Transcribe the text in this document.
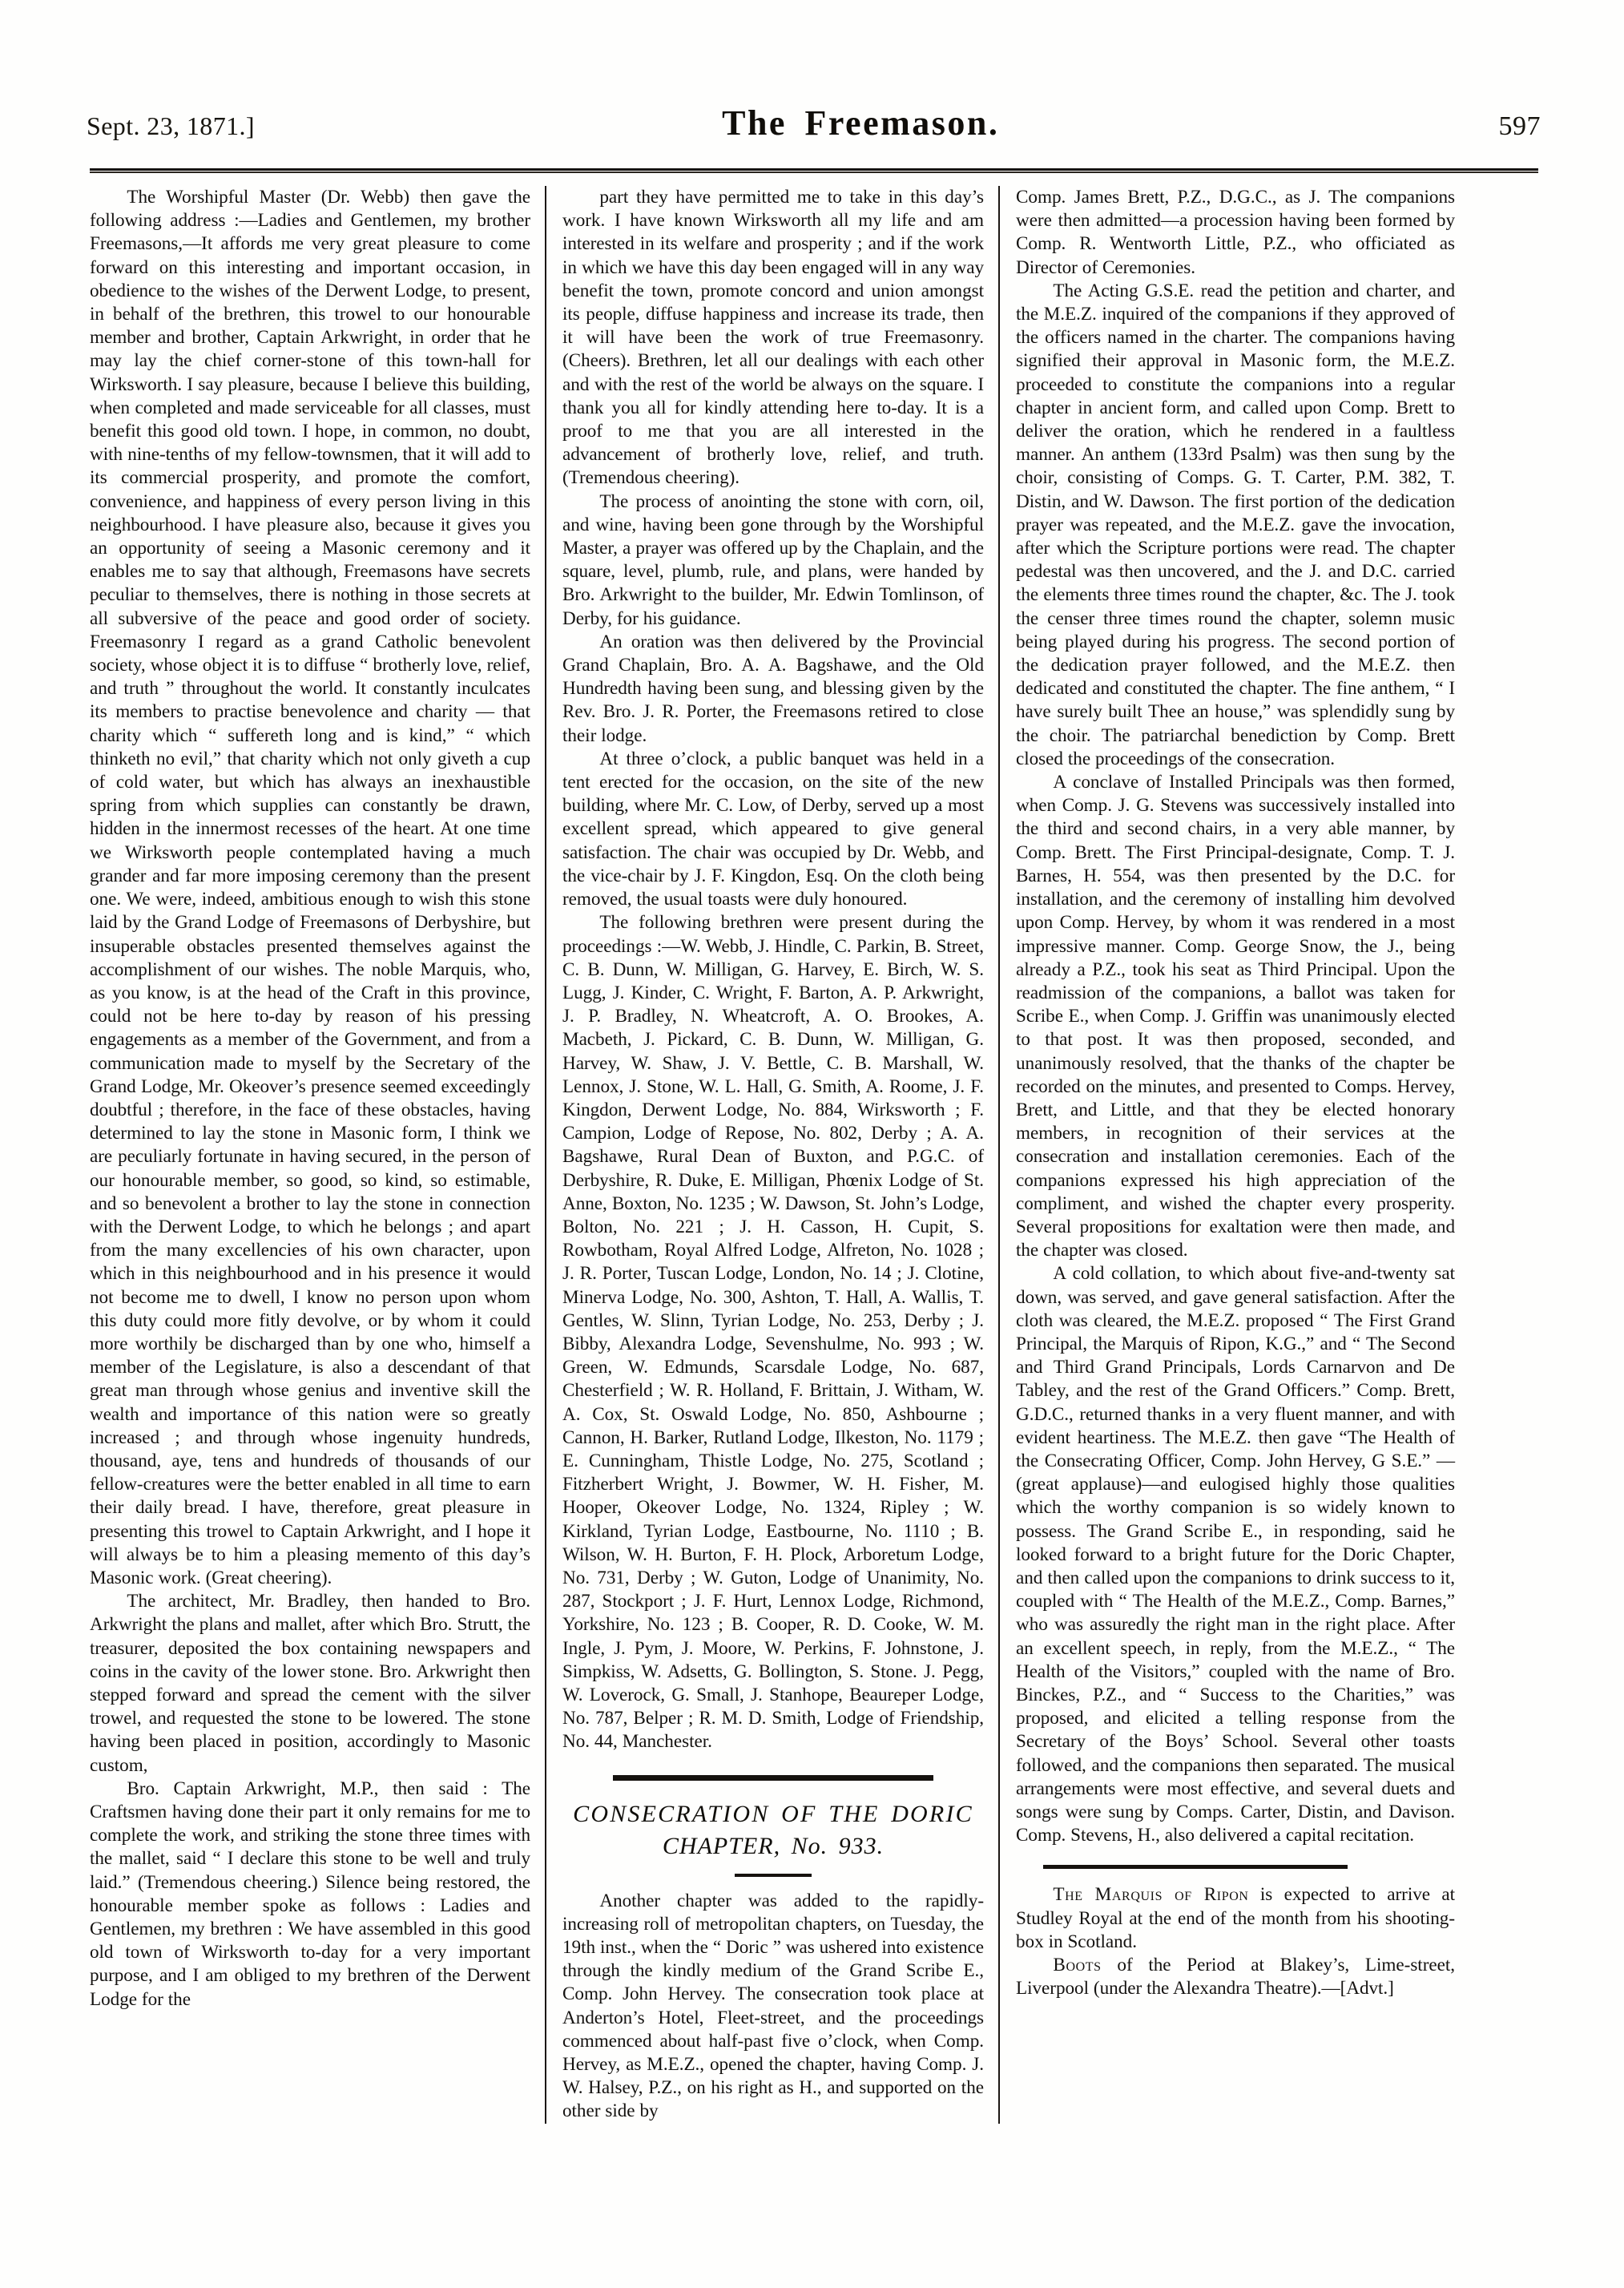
Sept. 23, 1871.]	The Freemason.	597

The Worshipful Master (Dr. Webb) then gave the following address :—Ladies and Gentlemen, my brother Freemasons,—It affords me very great pleasure to come forward on this interesting and important occasion, in obedience to the wishes of the Derwent Lodge, to present, in behalf of the brethren, this trowel to our honourable member and brother, Captain Arkwright, in order that he may lay the chief corner-stone of this town-hall for Wirksworth. I say pleasure, because I believe this building, when completed and made serviceable for all classes, must benefit this good old town. I hope, in common, no doubt, with nine-tenths of my fellow-townsmen, that it will add to its commercial prosperity, and promote the comfort, convenience, and happiness of every person living in this neighbourhood. I have pleasure also, because it gives you an opportunity of seeing a Masonic ceremony and it enables me to say that although, Freemasons have secrets peculiar to themselves, there is nothing in those secrets at all subversive of the peace and good order of society. Freemasonry I regard as a grand Catholic benevolent society, whose object it is to diffuse “ brotherly love, relief, and truth ” throughout the world. It constantly inculcates its members to practise benevolence and charity — that charity which “ suffereth long and is kind,” “ which thinketh no evil,” that charity which not only giveth a cup of cold water, but which has always an inexhaustible spring from which supplies can constantly be drawn, hidden in the innermost recesses of the heart. At one time we Wirksworth people contemplated having a much grander and far more imposing ceremony than the present one. We were, indeed, ambitious enough to wish this stone laid by the Grand Lodge of Freemasons of Derbyshire, but insuperable obstacles presented themselves against the accomplishment of our wishes. The noble Marquis, who, as you know, is at the head of the Craft in this province, could not be here to-day by reason of his pressing engagements as a member of the Government, and from a communication made to myself by the Secretary of the Grand Lodge, Mr. Okeover’s presence seemed exceedingly doubtful ; therefore, in the face of these obstacles, having determined to lay the stone in Masonic form, I think we are peculiarly fortunate in having secured, in the person of our honourable member, so good, so kind, so estimable, and so benevolent a brother to lay the stone in connection with the Derwent Lodge, to which he belongs ; and apart from the many excellencies of his own character, upon which in this neighbourhood and in his presence it would not become me to dwell, I know no person upon whom this duty could more fitly devolve, or by whom it could more worthily be discharged than by one who, himself a member of the Legislature, is also a descendant of that great man through whose genius and inventive skill the wealth and importance of this nation were so greatly increased ; and through whose ingenuity hundreds, thousand, aye, tens and hundreds of thousands of our fellow-creatures were the better enabled in all time to earn their daily bread. I have, therefore, great pleasure in presenting this trowel to Captain Arkwright, and I hope it will always be to him a pleasing memento of this day’s Masonic work. (Great cheering).

The architect, Mr. Bradley, then handed to Bro. Arkwright the plans and mallet, after which Bro. Strutt, the treasurer, deposited the box containing newspapers and coins in the cavity of the lower stone. Bro. Arkwright then stepped forward and spread the cement with the silver trowel, and requested the stone to be lowered. The stone having been placed in position, accordingly to Masonic custom,

Bro. Captain Arkwright, M.P., then said : The Craftsmen having done their part it only remains for me to complete the work, and striking the stone three times with the mallet, said “ I declare this stone to be well and truly laid.” (Tremendous cheering.) Silence being restored, the honourable member spoke as follows : Ladies and Gentlemen, my brethren : We have assembled in this good old town of Wirksworth to-day for a very important purpose, and I am obliged to my brethren of the Derwent Lodge for the

part they have permitted me to take in this day’s work. I have known Wirksworth all my life and am interested in its welfare and prosperity ; and if the work in which we have this day been engaged will in any way benefit the town, promote concord and union amongst its people, diffuse happiness and increase its trade, then it will have been the work of true Freemasonry. (Cheers). Brethren, let all our dealings with each other and with the rest of the world be always on the square. I thank you all for kindly attending here to-day. It is a proof to me that you are all interested in the advancement of brotherly love, relief, and truth. (Tremendous cheering).

The process of anointing the stone with corn, oil, and wine, having been gone through by the Worshipful Master, a prayer was offered up by the Chaplain, and the square, level, plumb, rule, and plans, were handed by Bro. Arkwright to the builder, Mr. Edwin Tomlinson, of Derby, for his guidance.

An oration was then delivered by the Provincial Grand Chaplain, Bro. A. A. Bagshawe, and the Old Hundredth having been sung, and blessing given by the Rev. Bro. J. R. Porter, the Freemasons retired to close their lodge.

At three o’clock, a public banquet was held in a tent erected for the occasion, on the site of the new building, where Mr. C. Low, of Derby, served up a most excellent spread, which appeared to give general satisfaction. The chair was occupied by Dr. Webb, and the vice-chair by J. F. Kingdon, Esq. On the cloth being removed, the usual toasts were duly honoured.

The following brethren were present during the proceedings :—W. Webb, J. Hindle, C. Parkin, B. Street, C. B. Dunn, W. Milligan, G. Harvey, E. Birch, W. S. Lugg, J. Kinder, C. Wright, F. Barton, A. P. Arkwright, J. P. Bradley, N. Wheatcroft, A. O. Brookes, A. Macbeth, J. Pickard, C. B. Dunn, W. Milligan, G. Harvey, W. Shaw, J. V. Bettle, C. B. Marshall, W. Lennox, J. Stone, W. L. Hall, G. Smith, A. Roome, J. F. Kingdon, Derwent Lodge, No. 884, Wirksworth ; F. Campion, Lodge of Repose, No. 802, Derby ; A. A. Bagshawe, Rural Dean of Buxton, and P.G.C. of Derbyshire, R. Duke, E. Milligan, Phœnix Lodge of St. Anne, Boxton, No. 1235 ; W. Dawson, St. John’s Lodge, Bolton, No. 221 ; J. H. Casson, H. Cupit, S. Rowbotham, Royal Alfred Lodge, Alfreton, No. 1028 ; J. R. Porter, Tuscan Lodge, London, No. 14 ; J. Clotine, Minerva Lodge, No. 300, Ashton, T. Hall, A. Wallis, T. Gentles, W. Slinn, Tyrian Lodge, No. 253, Derby ; J. Bibby, Alexandra Lodge, Sevenshulme, No. 993 ; W. Green, W. Edmunds, Scarsdale Lodge, No. 687, Chesterfield ; W. R. Holland, F. Brittain, J. Witham, W. A. Cox, St. Oswald Lodge, No. 850, Ashbourne ; Cannon, H. Barker, Rutland Lodge, Ilkeston, No. 1179 ; E. Cunningham, Thistle Lodge, No. 275, Scotland ; Fitzherbert Wright, J. Bowmer, W. H. Fisher, M. Hooper, Okeover Lodge, No. 1324, Ripley ; W. Kirkland, Tyrian Lodge, Eastbourne, No. 1110 ; B. Wilson, W. H. Burton, F. H. Plock, Arboretum Lodge, No. 731, Derby ; W. Guton, Lodge of Unanimity, No. 287, Stockport ; J. F. Hurt, Lennox Lodge, Richmond, Yorkshire, No. 123 ; B. Cooper, R. D. Cooke, W. M. Ingle, J. Pym, J. Moore, W. Perkins, F. Johnstone, J. Simpkiss, W. Adsetts, G. Bollington, S. Stone. J. Pegg, W. Loverock, G. Small, J. Stanhope, Beaureper Lodge, No. 787, Belper ; R. M. D. Smith, Lodge of Friendship, No. 44, Manchester.

CONSECRATION OF THE DORIC
CHAPTER, No. 933.

Another chapter was added to the rapidly-increasing roll of metropolitan chapters, on Tuesday, the 19th inst., when the “ Doric ” was ushered into existence through the kindly medium of the Grand Scribe E., Comp. John Hervey. The consecration took place at Anderton’s Hotel, Fleet-street, and the proceedings commenced about half-past five o’clock, when Comp. Hervey, as M.E.Z., opened the chapter, having Comp. J. W. Halsey, P.Z., on his right as H., and supported on the other side by

Comp. James Brett, P.Z., D.G.C., as J. The companions were then admitted—a procession having been formed by Comp. R. Wentworth Little, P.Z., who officiated as Director of Ceremonies.

The Acting G.S.E. read the petition and charter, and the M.E.Z. inquired of the companions if they approved of the officers named in the charter. The companions having signified their approval in Masonic form, the M.E.Z. proceeded to constitute the companions into a regular chapter in ancient form, and called upon Comp. Brett to deliver the oration, which he rendered in a faultless manner. An anthem (133rd Psalm) was then sung by the choir, consisting of Comps. G. T. Carter, P.M. 382, T. Distin, and W. Dawson. The first portion of the dedication prayer was repeated, and the M.E.Z. gave the invocation, after which the Scripture portions were read. The chapter pedestal was then uncovered, and the J. and D.C. carried the elements three times round the chapter, &c. The J. took the censer three times round the chapter, solemn music being played during his progress. The second portion of the dedication prayer followed, and the M.E.Z. then dedicated and constituted the chapter. The fine anthem, “ I have surely built Thee an house,” was splendidly sung by the choir. The patriarchal benediction by Comp. Brett closed the proceedings of the consecration.

A conclave of Installed Principals was then formed, when Comp. J. G. Stevens was successively installed into the third and second chairs, in a very able manner, by Comp. Brett. The First Principal-designate, Comp. T. J. Barnes, H. 554, was then presented by the D.C. for installation, and the ceremony of installing him devolved upon Comp. Hervey, by whom it was rendered in a most impressive manner. Comp. George Snow, the J., being already a P.Z., took his seat as Third Principal. Upon the readmission of the companions, a ballot was taken for Scribe E., when Comp. J. Griffin was unanimously elected to that post. It was then proposed, seconded, and unanimously resolved, that the thanks of the chapter be recorded on the minutes, and presented to Comps. Hervey, Brett, and Little, and that they be elected honorary members, in recognition of their services at the consecration and installation ceremonies. Each of the companions expressed his high appreciation of the compliment, and wished the chapter every prosperity. Several propositions for exaltation were then made, and the chapter was closed.

A cold collation, to which about five-and-twenty sat down, was served, and gave general satisfaction. After the cloth was cleared, the M.E.Z. proposed “ The First Grand Principal, the Marquis of Ripon, K.G.,” and “ The Second and Third Grand Principals, Lords Carnarvon and De Tabley, and the rest of the Grand Officers.” Comp. Brett, G.D.C., returned thanks in a very fluent manner, and with evident heartiness. The M.E.Z. then gave “The Health of the Consecrating Officer, Comp. John Hervey, G S.E.” —(great applause)—and eulogised highly those qualities which the worthy companion is so widely known to possess. The Grand Scribe E., in responding, said he looked forward to a bright future for the Doric Chapter, and then called upon the companions to drink success to it, coupled with “ The Health of the M.E.Z., Comp. Barnes,” who was assuredly the right man in the right place. After an excellent speech, in reply, from the M.E.Z., “ The Health of the Visitors,” coupled with the name of Bro. Binckes, P.Z., and “ Success to the Charities,” was proposed, and elicited a telling response from the Secretary of the Boys’ School. Several other toasts followed, and the companions then separated. The musical arrangements were most effective, and several duets and songs were sung by Comps. Carter, Distin, and Davison. Comp. Stevens, H., also delivered a capital recitation.

The Marquis of Ripon is expected to arrive at Studley Royal at the end of the month from his shooting-box in Scotland.

Boots of the Period at Blakey’s, Lime-street, Liverpool (under the Alexandra Theatre).—[Advt.]
